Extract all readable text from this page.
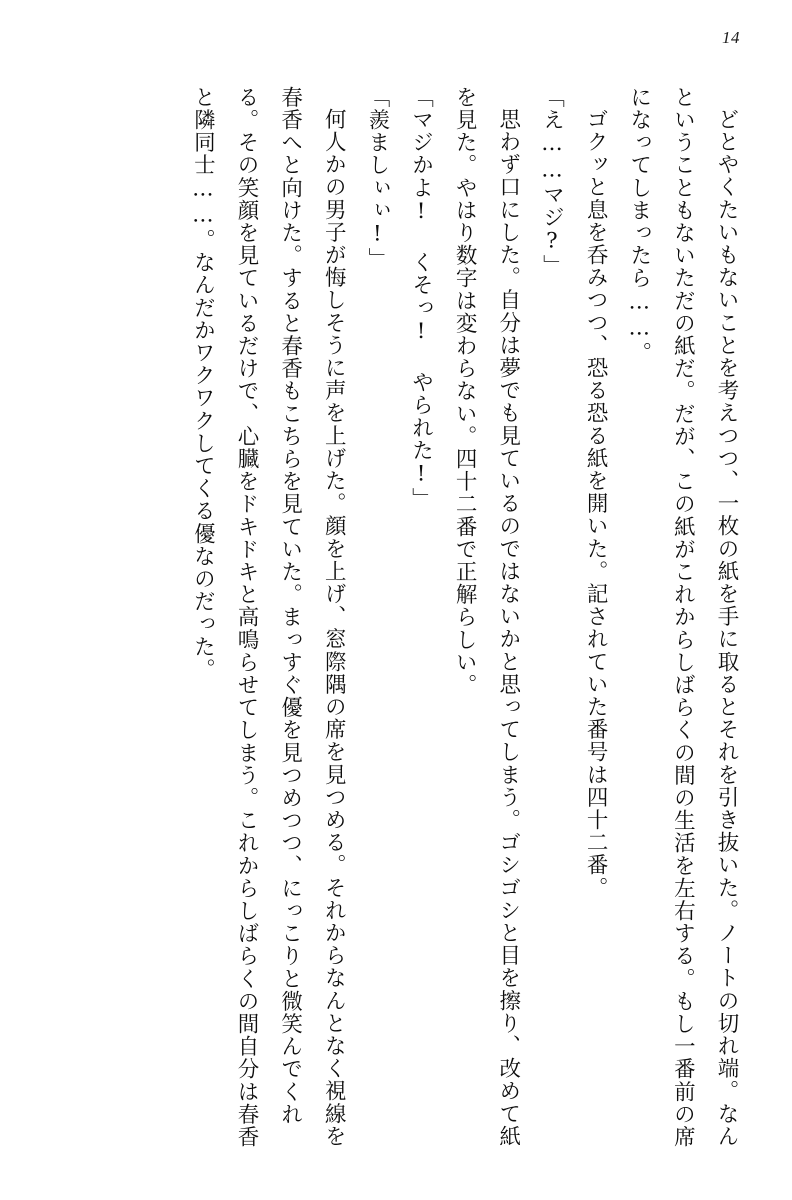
14

どとやくたいもないことを考えつつ、一枚の紙を手に取るとそれを引き抜いた。ノートの切れ端。なんということもないただの紙だ。だが、この紙がこれからしばらくの間の生活を左右する。もし一番前の席になってしまったら……。

ゴクッと息を呑みつつ、恐る恐る紙を開いた。記されていた番号は四十二番。

「え……マジ?」

思わず口にした。自分は夢でも見ているのではないかと思ってしまう。ゴシゴシと目を擦り、改めて紙を見た。やはり数字は変わらない。四十二番で正解らしい。

「マジかよ! くそっ! やられた!」

「羨ましぃぃ!」

何人かの男子が悔しそうに声を上げた。顔を上げ、窓際隅の席を見つめる。それからなんとなく視線を春香へと向けた。すると春香もこちらを見ていた。まっすぐ優を見つめつつ、にっこりと微笑んでくれる。その笑顔を見ているだけで、心臓をドキドキと高鳴らせてしまう。これからしばらくの間自分は春香と隣同士……。なんだかワクワクしてくる優なのだった。
